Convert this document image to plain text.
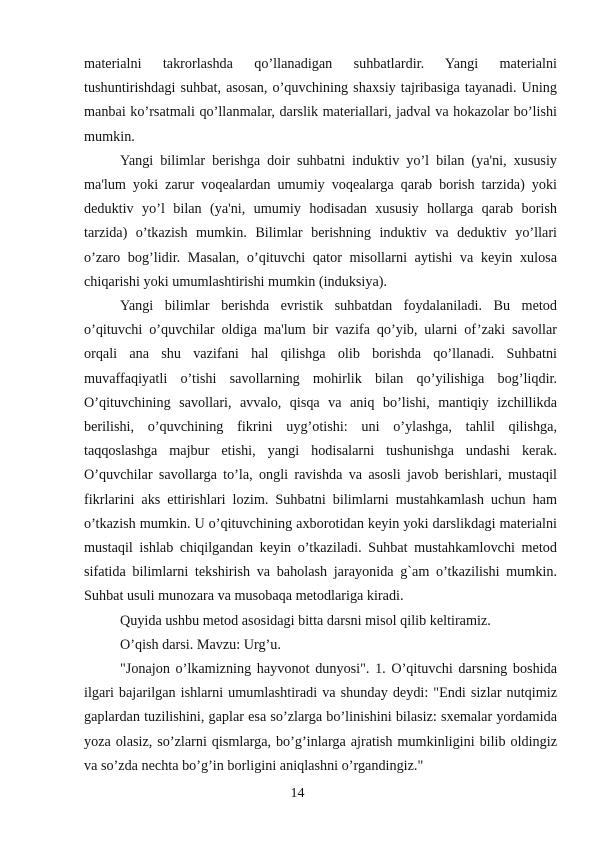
materialni takrorlashda qo’llanadigan suhbatlardir. Yangi materialni tushuntirishdagi suhbat, asosan, o’quvchining shaxsiy tajribasiga tayanadi. Uning manbai ko’rsatmali qo’llanmalar, darslik materiallari, jadval va hokazolar bo’lishi mumkin.

Yangi bilimlar berishga doir suhbatni induktiv yo’l bilan (ya'ni, xususiy ma'lum yoki zarur voqealardan umumiy voqealarga qarab borish tarzida) yoki deduktiv yo’l bilan (ya'ni, umumiy hodisadan xususiy hollarga qarab borish tarzida) o’tkazish mumkin. Bilimlar berishning induktiv va deduktiv yo’llari o’zaro bog’lidir. Masalan, o’qituvchi qator misollarni aytishi va keyin xulosa chiqarishi yoki umumlashtirishi mumkin (induksiya).

Yangi bilimlar berishda evristik suhbatdan foydalaniladi. Bu metod o’qituvchi o’quvchilar oldiga ma'lum bir vazifa qo’yib, ularni of’zaki savollar orqali ana shu vazifani hal qilishga olib borishda qo’llanadi. Suhbatni muvaffaqiyatli o’tishi savollarning mohirlik bilan qo’yilishiga bog’liqdir. O’qituvchining savollari, avvalo, qisqa va aniq bo’lishi, mantiqiy izchillikda berilishi, o’quvchining fikrini uyg’otishi: uni o’ylashga, tahlil qilishga, taqqoslashga majbur etishi, yangi hodisalarni tushunishga undashi kerak. O’quvchilar savollarga to’la, ongli ravishda va asosli javob berishlari, mustaqil fikrlarini aks ettirishlari lozim. Suhbatni bilimlarni mustahkamlash uchun ham o’tkazish mumkin. U o’qituvchining axborotidan keyin yoki darslikdagi materialni mustaqil ishlab chiqilgandan keyin o’tkaziladi. Suhbat mustahkamlovchi metod sifatida bilimlarni tekshirish va baholash jarayonida g`am o’tkazilishi mumkin. Suhbat usuli munozara va musobaqa metodlariga kiradi.

Quyida ushbu metod asosidagi bitta darsni misol qilib keltiramiz.

O’qish darsi. Mavzu: Urg’u.

"Jonajon o’lkamizning hayvonot dunyosi". 1. O’qituvchi darsning boshida ilgari bajarilgan ishlarni umumlashtiradi va shunday deydi: "Endi sizlar nutqimiz gaplardan tuzilishini, gaplar esa so’zlarga bo’linishini bilasiz: sxemalar yordamida yoza olasiz, so’zlarni qismlarga, bo’g’inlarga ajratish mumkinligini bilib oldingiz va so’zda nechta bo’g’in borligini aniqlashni o’rgandingiz."

14
